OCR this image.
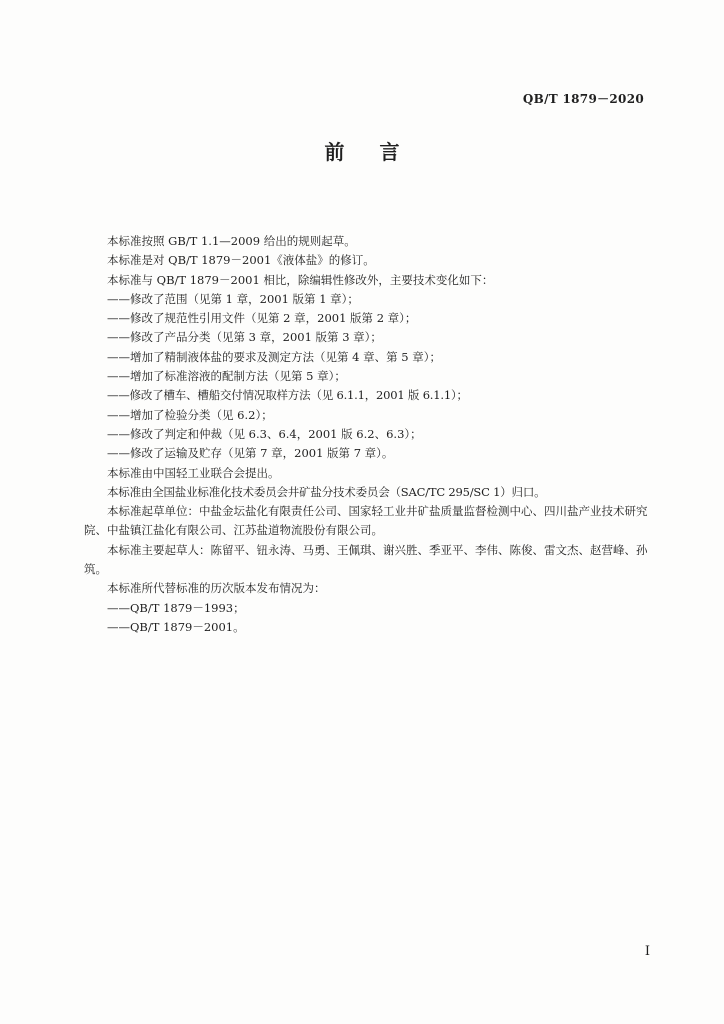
QB/T 1879－2020
前 言

本标准按照 GB/T 1.1—2009 给出的规则起草。

本标准是对 QB/T 1879－2001《液体盐》的修订。

本标准与 QB/T 1879－2001 相比，除编辑性修改外，主要技术变化如下：

——修改了范围（见第 1 章，2001 版第 1 章）；

——修改了规范性引用文件（见第 2 章，2001 版第 2 章）；

——修改了产品分类（见第 3 章，2001 版第 3 章）；

——增加了精制液体盐的要求及测定方法（见第 4 章、第 5 章）；

——增加了标准溶液的配制方法（见第 5 章）；

——修改了槽车、槽船交付情况取样方法（见 6.1.1，2001 版 6.1.1）；

——增加了检验分类（见 6.2）；

——修改了判定和仲裁（见 6.3、6.4，2001 版 6.2、6.3）；

——修改了运输及贮存（见第 7 章，2001 版第 7 章）。

本标准由中国轻工业联合会提出。

本标准由全国盐业标准化技术委员会井矿盐分技术委员会（SAC/TC 295/SC 1）归口。

本标准起草单位：中盐金坛盐化有限责任公司、国家轻工业井矿盐质量监督检测中心、四川盐产业技术研究院、中盐镇江盐化有限公司、江苏盐道物流股份有限公司。

本标准主要起草人：陈留平、钮永涛、马勇、王佩琪、谢兴胜、季亚平、李伟、陈俊、雷文杰、赵营峰、孙筑。

本标准所代替标准的历次版本发布情况为：

——QB/T 1879－1993；

——QB/T 1879－2001。

I
